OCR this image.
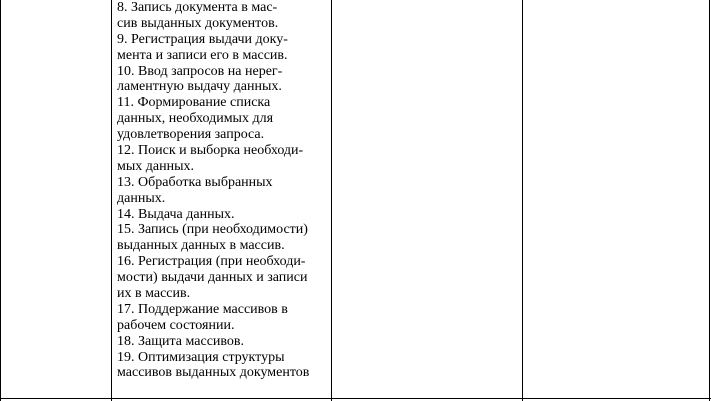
8. Запись документа в мас-
сив выданных документов.
9. Регистрация выдачи доку-
мента и записи его в массив.
10. Ввод запросов на нерег-
ламентную выдачу данных.
11. Формирование списка
данных, необходимых для
удовлетворения запроса.
12. Поиск и выборка необходи-
мых данных.
13. Обработка выбранных
данных.
14. Выдача данных.
15. Запись (при необходимости)
выданных данных в массив.
16. Регистрация (при необходи-
мости) выдачи данных и записи
их в массив.
17. Поддержание массивов в
рабочем состоянии.
18. Защита массивов.
19. Оптимизация структуры
массивов выданных документов
